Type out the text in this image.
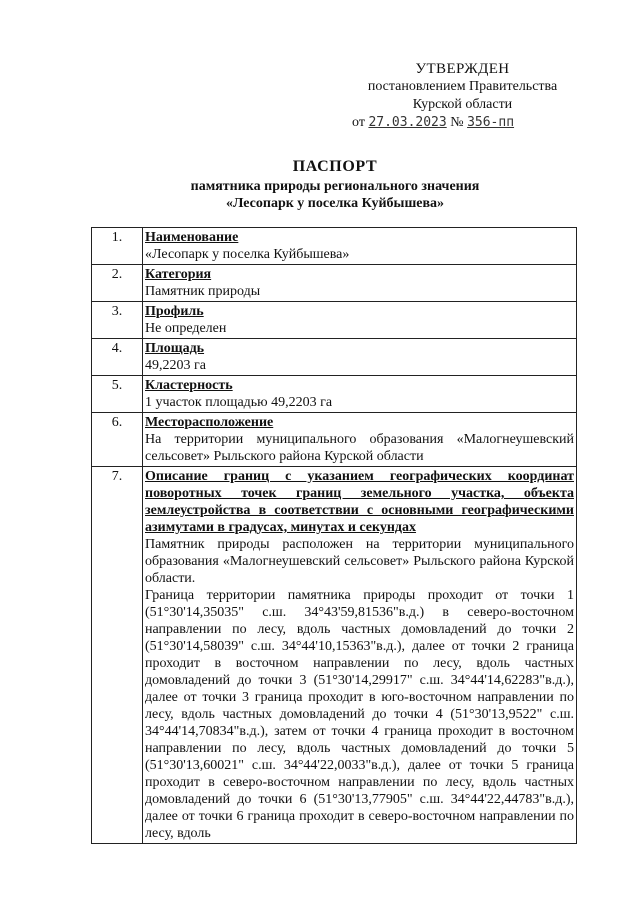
УТВЕРЖДЕН
постановлением Правительства
Курской области
от 27.03.2023 № 356-пп
ПАСПОРТ
памятника природы регионального значения
«Лесопарк у поселка Куйбышева»
1.	Наименование
«Лесопарк у поселка Куйбышева»

2.	Категория
Памятник природы

3.	Профиль
Не определен

4.	Площадь
49,2203 га

5.	Кластерность
1 участок площадью 49,2203 га

6.	Месторасположение
На территории муниципального образования «Малогнеушевский сельсовет» Рыльского района Курской области

7.	Описание границ с указанием географических координат поворотных точек границ земельного участка, объекта землеустройства в соответствии с основными географическими азимутами в градусах, минутах и секундах

Памятник природы расположен на территории муниципального образования «Малогнеушевский сельсовет» Рыльского района Курской области.

Граница территории памятника природы проходит от точки 1 (51°30'14,35035" с.ш. 34°43'59,81536"в.д.) в северо-восточном направлении по лесу, вдоль частных домовладений до точки 2 (51°30'14,58039" с.ш. 34°44'10,15363"в.д.), далее от точки 2 граница проходит в восточном направлении по лесу, вдоль частных домовладений до точки 3 (51°30'14,29917" с.ш. 34°44'14,62283"в.д.), далее от точки 3 граница проходит в юго-восточном направлении по лесу, вдоль частных домовладений до точки 4 (51°30'13,9522" с.ш. 34°44'14,70834"в.д.), затем от точки 4 граница проходит в восточном направлении по лесу, вдоль частных домовладений до точки 5 (51°30'13,60021" с.ш. 34°44'22,0033"в.д.), далее от точки 5 граница проходит в северо-восточном направлении по лесу, вдоль частных домовладений до точки 6 (51°30'13,77905" с.ш. 34°44'22,44783"в.д.), далее от точки 6 граница проходит в северо-восточном направлении по лесу, вдоль
